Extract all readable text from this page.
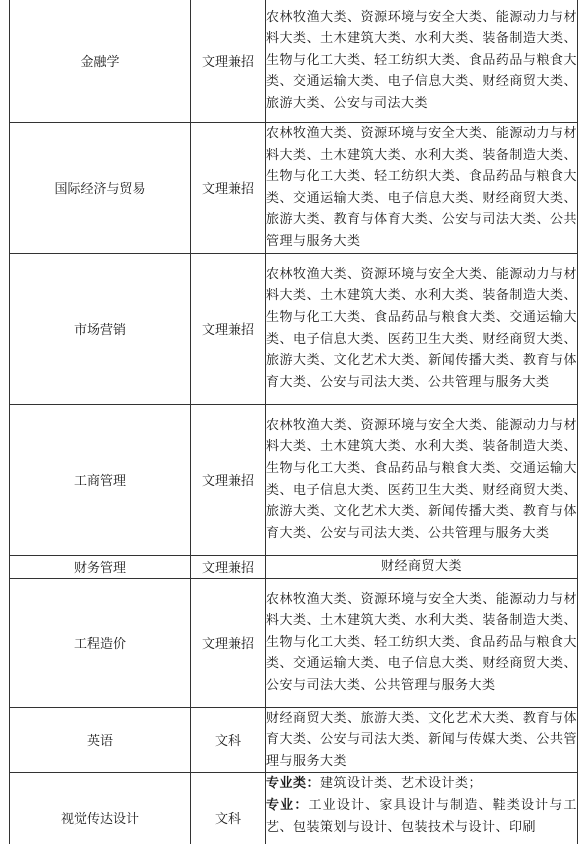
金融学	文理兼招	农林牧渔大类、资源环境与安全大类、能源动力与材料大类、土木建筑大类、水利大类、装备制造大类、生物与化工大类、轻工纺织大类、食品药品与粮食大类、交通运输大类、电子信息大类、财经商贸大类、旅游大类、公安与司法大类
国际经济与贸易	文理兼招	农林牧渔大类、资源环境与安全大类、能源动力与材料大类、土木建筑大类、水利大类、装备制造大类、生物与化工大类、轻工纺织大类、食品药品与粮食大类、交通运输大类、电子信息大类、财经商贸大类、旅游大类、教育与体育大类、公安与司法大类、公共管理与服务大类
市场营销	文理兼招	农林牧渔大类、资源环境与安全大类、能源动力与材料大类、土木建筑大类、水利大类、装备制造大类、生物与化工大类、食品药品与粮食大类、交通运输大类、电子信息大类、医药卫生大类、财经商贸大类、旅游大类、文化艺术大类、新闻传播大类、教育与体育大类、公安与司法大类、公共管理与服务大类
工商管理	文理兼招	农林牧渔大类、资源环境与安全大类、能源动力与材料大类、土木建筑大类、水利大类、装备制造大类、生物与化工大类、食品药品与粮食大类、交通运输大类、电子信息大类、医药卫生大类、财经商贸大类、旅游大类、文化艺术大类、新闻传播大类、教育与体育大类、公安与司法大类、公共管理与服务大类
财务管理	文理兼招	财经商贸大类
工程造价	文理兼招	农林牧渔大类、资源环境与安全大类、能源动力与材料大类、土木建筑大类、水利大类、装备制造大类、生物与化工大类、轻工纺织大类、食品药品与粮食大类、交通运输大类、电子信息大类、财经商贸大类、公安与司法大类、公共管理与服务大类
英语	文科	财经商贸大类、旅游大类、文化艺术大类、教育与体育大类、公安与司法大类、新闻与传媒大类、公共管理与服务大类
视觉传达设计	文科	专业类：建筑设计类、艺术设计类；
专业：工业设计、家具设计与制造、鞋类设计与工艺、包装策划与设计、包装技术与设计、印刷
